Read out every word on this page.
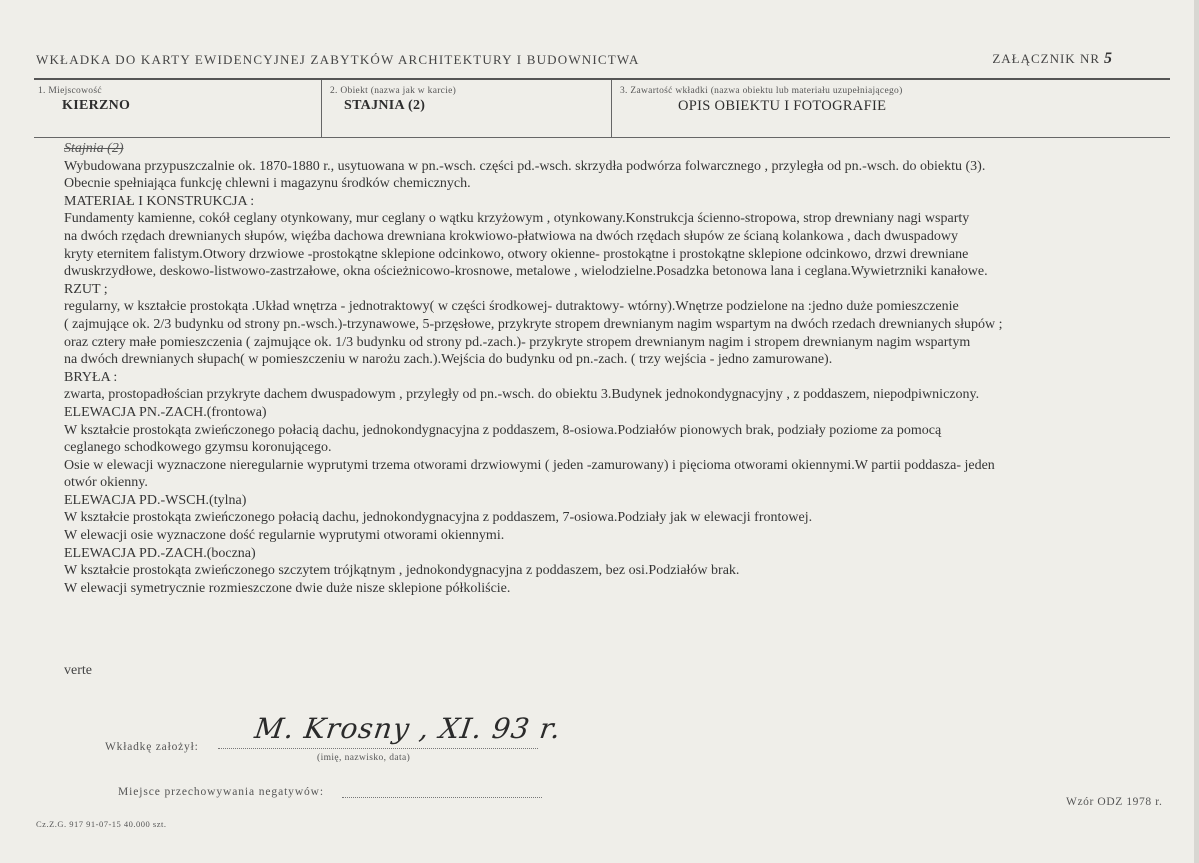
WKŁADKA DO KARTY EWIDENCYJNEJ ZABYTKÓW ARCHITEKTURY I BUDOWNICTWA	ZAŁĄCZNIK NR 5
1. Miejscowość
KIERZNO
2. Obiekt (nazwa jak w karcie)
STAJNIA (2)
3. Zawartość wkładki (nazwa obiektu lub materiału uzupełniającego)
OPIS OBIEKTU I FOTOGRAFIE
Stajnia (2)
Wybudowana przypuszczalnie ok. 1870-1880 r., usytuowana w pn.-wsch. części pd.-wsch. skrzydła podwórza folwarcznego , przyległa od pn.-wsch. do obiektu (3).
Obecnie spełniająca funkcję chlewni i magazynu środków chemicznych.
MATERIAŁ I KONSTRUKCJA :
Fundamenty kamienne, cokół ceglany otynkowany, mur ceglany o wątku krzyżowym , otynkowany.Konstrukcja ścienno-stropowa, strop drewniany nagi wsparty
na dwóch rzędach drewnianych słupów, więźba dachowa drewniana krokwiowo-płatwiowa na dwóch rzędach słupów ze ścianą kolankowa , dach dwuspadowy
kryty eternitem falistym.Otwory drzwiowe -prostokątne sklepione odcinkowo, otwory okienne- prostokątne i prostokątne sklepione odcinkowo, drzwi drewniane
dwuskrzydłowe, deskowo-listwowo-zastrzałowe, okna ościeżnicowo-krosnowe, metalowe , wielodzielne.Posadzka betonowa lana i ceglana.Wywietrzniki kanałowe.
RZUT ;
regularny, w kształcie prostokąta .Układ wnętrza - jednotraktowy( w części środkowej- dutraktowy- wtórny).Wnętrze podzielone na :jedno duże pomieszczenie
( zajmujące ok. 2/3 budynku od strony pn.-wsch.)-trzynawowe, 5-przęsłowe, przykryte stropem drewnianym nagim wspartym na dwóch rzedach drewnianych słupów ;
oraz cztery małe pomieszczenia ( zajmujące ok. 1/3 budynku od strony pd.-zach.)- przykryte stropem drewnianym nagim i stropem drewnianym nagim wspartym
na dwóch drewnianych słupach( w pomieszczeniu w narożu zach.).Wejścia do budynku od pn.-zach. ( trzy wejścia - jedno zamurowane).
BRYŁA :
zwarta, prostopadłościan przykryte dachem dwuspadowym , przyległy od pn.-wsch. do obiektu 3.Budynek jednokondygnacyjny , z poddaszem, niepodpiwniczony.
ELEWACJA PN.-ZACH.(frontowa)
W kształcie prostokąta zwieńczonego połacią dachu, jednokondygnacyjna z poddaszem, 8-osiowa.Podziałów pionowych brak, podziały poziome za pomocą
ceglanego schodkowego gzymsu koronującego.
Osie w elewacji wyznaczone nieregularnie wyprutymi trzema otworami drzwiowymi ( jeden -zamurowany) i pięcioma otworami okiennymi.W partii poddasza- jeden
otwór okienny.
ELEWACJA PD.-WSCH.(tylna)
W kształcie prostokąta zwieńczonego połacią dachu, jednokondygnacyjna z poddaszem, 7-osiowa.Podziały jak w elewacji frontowej.
W elewacji osie wyznaczone dość regularnie wyprutymi otworami okiennymi.
ELEWACJA PD.-ZACH.(boczna)
W kształcie prostokąta zwieńczonego szczytem trójkątnym , jednokondygnacyjna z poddaszem, bez osi.Podziałów brak.
W elewacji symetrycznie rozmieszczone dwie duże nisze sklepione półkoliście.
verte
Wkładkę założył:
M. Krosny , XI. 93 r.
(imię, nazwisko, data)
Miejsce przechowywania negatywów:
Wzór ODZ 1978 r.
Cz.Z.G. 917 91-07-15 40.000 szt.
